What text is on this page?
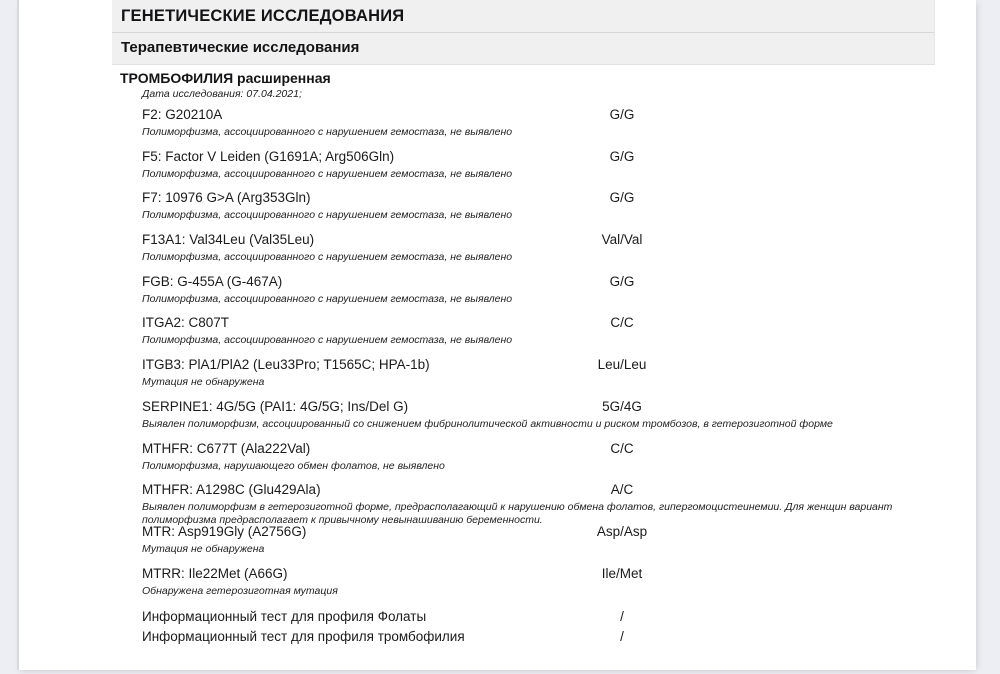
ГЕНЕТИЧЕСКИЕ ИССЛЕДОВАНИЯ
Терапевтические исследования
ТРОМБОФИЛИЯ расширенная
Дата исследования: 07.04.2021;
F2: G20210A	G/G
Полиморфизма, ассоциированного с нарушением гемостаза, не выявлено
F5: Factor V Leiden (G1691A; Arg506Gln)	G/G
Полиморфизма, ассоциированного с нарушением гемостаза, не выявлено
F7: 10976 G>A (Arg353Gln)	G/G
Полиморфизма, ассоциированного с нарушением гемостаза, не выявлено
F13A1: Val34Leu (Val35Leu)	Val/Val
Полиморфизма, ассоциированного с нарушением гемостаза, не выявлено
FGB: G-455A (G-467A)	G/G
Полиморфизма, ассоциированного с нарушением гемостаза, не выявлено
ITGA2: C807T	C/C
Полиморфизма, ассоциированного с нарушением гемостаза, не выявлено
ITGB3: PlA1/PlA2 (Leu33Pro; T1565C; HPA-1b)	Leu/Leu
Мутация не обнаружена
SERPINE1: 4G/5G (PAI1: 4G/5G; Ins/Del G)	5G/4G
Выявлен полиморфизм, ассоциированный со снижением фибринолитической активности и риском тромбозов, в гетерозиготной форме
MTHFR: C677T (Ala222Val)	C/C
Полиморфизма, нарушающего обмен фолатов, не выявлено
MTHFR: A1298C (Glu429Ala)	A/C
Выявлен полиморфизм в гетерозиготной форме, предрасполагающий к нарушению обмена фолатов, гипергомоцистеинемии. Для женщин вариант полиморфизма предрасполагает к привычному невынашиванию беременности.
MTR: Asp919Gly (A2756G)	Asp/Asp
Мутация не обнаружена
MTRR: Ile22Met (A66G)	Ile/Met
Обнаружена гетерозиготная мутация
Информационный тест для профиля Фолаты	/
Информационный тест для профиля тромбофилия	/
